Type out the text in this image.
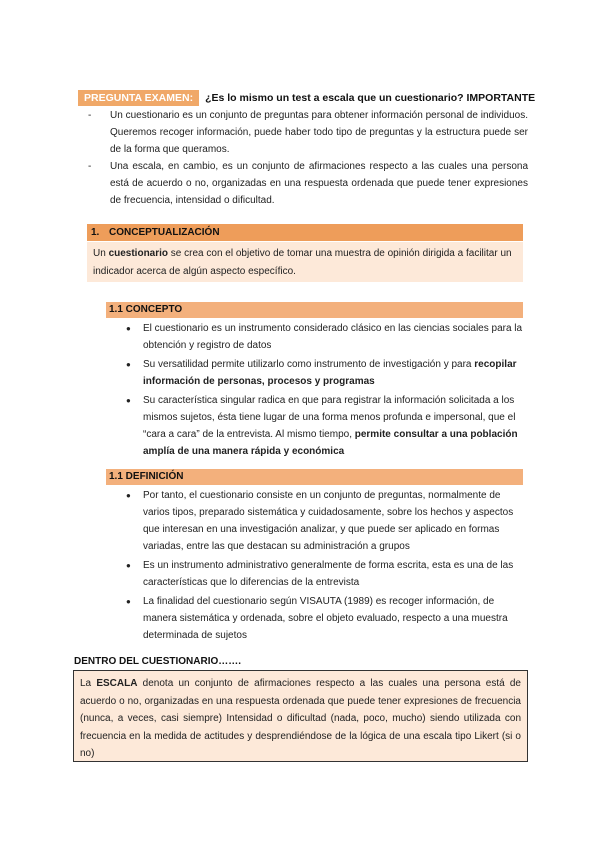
PREGUNTA EXAMEN: ¿Es lo mismo un test a escala que un cuestionario? IMPORTANTE
- Un cuestionario es un conjunto de preguntas para obtener información personal de individuos. Queremos recoger información, puede haber todo tipo de preguntas y la estructura puede ser de la forma que queramos.
- Una escala, en cambio, es un conjunto de afirmaciones respecto a las cuales una persona está de acuerdo o no, organizadas en una respuesta ordenada que puede tener expresiones de frecuencia, intensidad o dificultad.
1. CONCEPTUALIZACIÓN
Un cuestionario se crea con el objetivo de tomar una muestra de opinión dirigida a facilitar un indicador acerca de algún aspecto específico.
1.1 CONCEPTO
● El cuestionario es un instrumento considerado clásico en las ciencias sociales para la obtención y registro de datos
● Su versatilidad permite utilizarlo como instrumento de investigación y para recopilar información de personas, procesos y programas
● Su característica singular radica en que para registrar la información solicitada a los mismos sujetos, ésta tiene lugar de una forma menos profunda e impersonal, que el “cara a cara” de la entrevista. Al mismo tiempo, permite consultar a una población amplía de una manera rápida y económica
1.1 DEFINICIÓN
● Por tanto, el cuestionario consiste en un conjunto de preguntas, normalmente de varios tipos, preparado sistemática y cuidadosamente, sobre los hechos y aspectos que interesan en una investigación analizar, y que puede ser aplicado en formas variadas, entre las que destacan su administración a grupos
● Es un instrumento administrativo generalmente de forma escrita, esta es una de las características que lo diferencias de la entrevista
● La finalidad del cuestionario según VISAUTA (1989) es recoger información, de manera sistemática y ordenada, sobre el objeto evaluado, respecto a una muestra determinada de sujetos
DENTRO DEL CUESTIONARIO…….
La ESCALA denota un conjunto de afirmaciones respecto a las cuales una persona está de acuerdo o no, organizadas en una respuesta ordenada que puede tener expresiones de frecuencia (nunca, a veces, casi siempre) Intensidad o dificultad (nada, poco, mucho) siendo utilizada con frecuencia en la medida de actitudes y desprendiéndose de la lógica de una escala tipo Likert (si o no)
